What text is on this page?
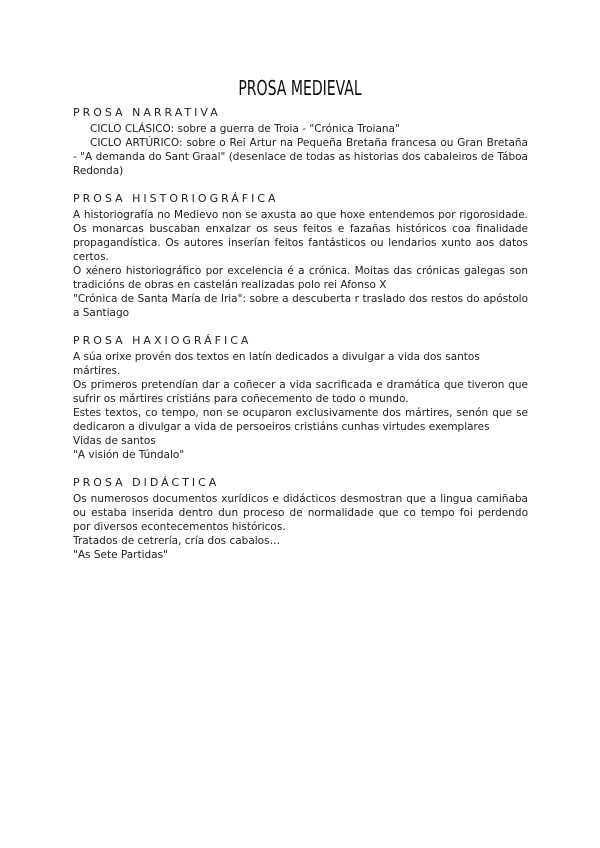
PROSA MEDIEVAL
PROSA NARRATIVA

CICLO CLÁSICO: sobre a guerra de Troia - "Crónica Troiana"

CICLO ARTÚRICO: sobre o Rei Artur na Pequeña Bretaña francesa ou Gran Bretaña - "A demanda do Sant Graal" (desenlace de todas as historias dos cabaleiros de Táboa Redonda)

PROSA HISTORIOGRÁFICA

A historiografía no Medievo non se axusta ao que hoxe entendemos por rigorosidade. Os monarcas buscaban enxalzar os seus feitos e fazañas históricos coa finalidade propagandística. Os autores inserían feitos fantásticos ou lendarios xunto aos datos certos.

O xénero historiográfico por excelencia é a crónica. Moitas das crónicas galegas son tradicións de obras en castelán realizadas polo rei Afonso X

"Crónica de Santa María de Iria": sobre a descuberta r traslado dos restos do apóstolo a Santiago

PROSA HAXIOGRÁFICA

A súa orixe provén dos textos en latín dedicados a divulgar a vida dos santos mártires.

Os primeros pretendían dar a coñecer a vida sacrificada e dramática que tiveron que sufrir os mártires cristiáns para coñecemento de todo o mundo.

Estes textos, co tempo, non se ocuparon exclusivamente dos mártires, senón que se dedicaron a divulgar a vida de persoeiros cristiáns cunhas virtudes exemplares

Vidas de santos

"A visión de Túndalo"

PROSA DIDÁCTICA

Os numerosos documentos xurídicos e didácticos desmostran que a lingua camiñaba ou estaba inserida dentro dun proceso de normalidade que co tempo foi perdendo por diversos econtecementos históricos.

Tratados de cetrería, cría dos cabalos…

"As Sete Partidas"
